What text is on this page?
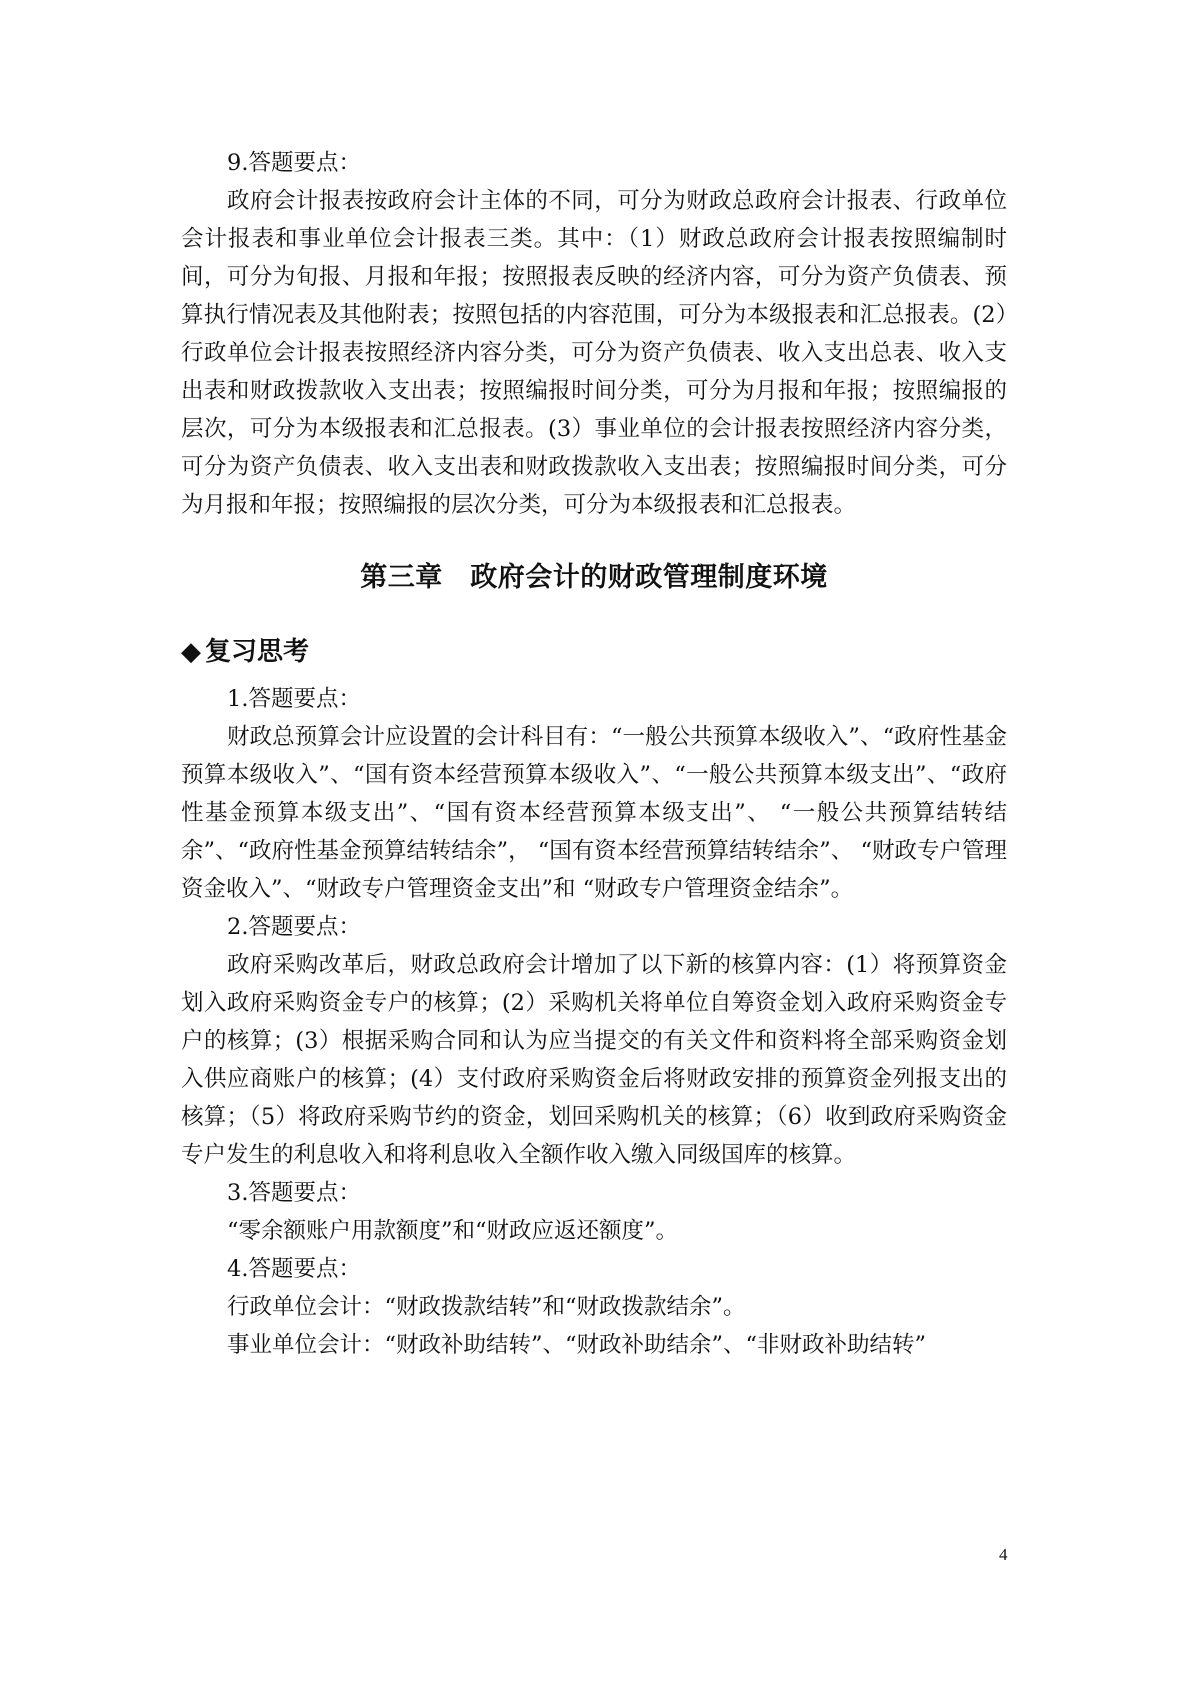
9.答题要点：

政府会计报表按政府会计主体的不同，可分为财政总政府会计报表、行政单位会计报表和事业单位会计报表三类。其中：（1）财政总政府会计报表按照编制时间，可分为旬报、月报和年报；按照报表反映的经济内容，可分为资产负债表、预算执行情况表及其他附表；按照包括的内容范围，可分为本级报表和汇总报表。(2）行政单位会计报表按照经济内容分类，可分为资产负债表、收入支出总表、收入支出表和财政拨款收入支出表；按照编报时间分类，可分为月报和年报；按照编报的层次，可分为本级报表和汇总报表。(3）事业单位的会计报表按照经济内容分类，可分为资产负债表、收入支出表和财政拨款收入支出表；按照编报时间分类，可分为月报和年报；按照编报的层次分类，可分为本级报表和汇总报表。

第三章　政府会计的财政管理制度环境
◆ 复习思考

1.答题要点：

财政总预算会计应设置的会计科目有：“一般公共预算本级收入”、“政府性基金预算本级收入”、“国有资本经营预算本级收入”、“一般公共预算本级支出”、“政府性基金预算本级支出”、“国有资本经营预算本级支出”、 “一般公共预算结转结余”、“政府性基金预算结转结余”， “国有资本经营预算结转结余”、 “财政专户管理资金收入”、“财政专户管理资金支出”和 “财政专户管理资金结余”。

2.答题要点：

政府采购改革后，财政总政府会计增加了以下新的核算内容：(1）将预算资金划入政府采购资金专户的核算；(2）采购机关将单位自筹资金划入政府采购资金专户的核算；(3）根据采购合同和认为应当提交的有关文件和资料将全部采购资金划入供应商账户的核算；(4）支付政府采购资金后将财政安排的预算资金列报支出的核算；（5）将政府采购节约的资金，划回采购机关的核算；（6）收到政府采购资金专户发生的利息收入和将利息收入全额作收入缴入同级国库的核算。

3.答题要点：

“零余额账户用款额度”和“财政应返还额度”。

4.答题要点：

行政单位会计：“财政拨款结转”和“财政拨款结余”。

事业单位会计：“财政补助结转”、“财政补助结余”、“非财政补助结转”

4
